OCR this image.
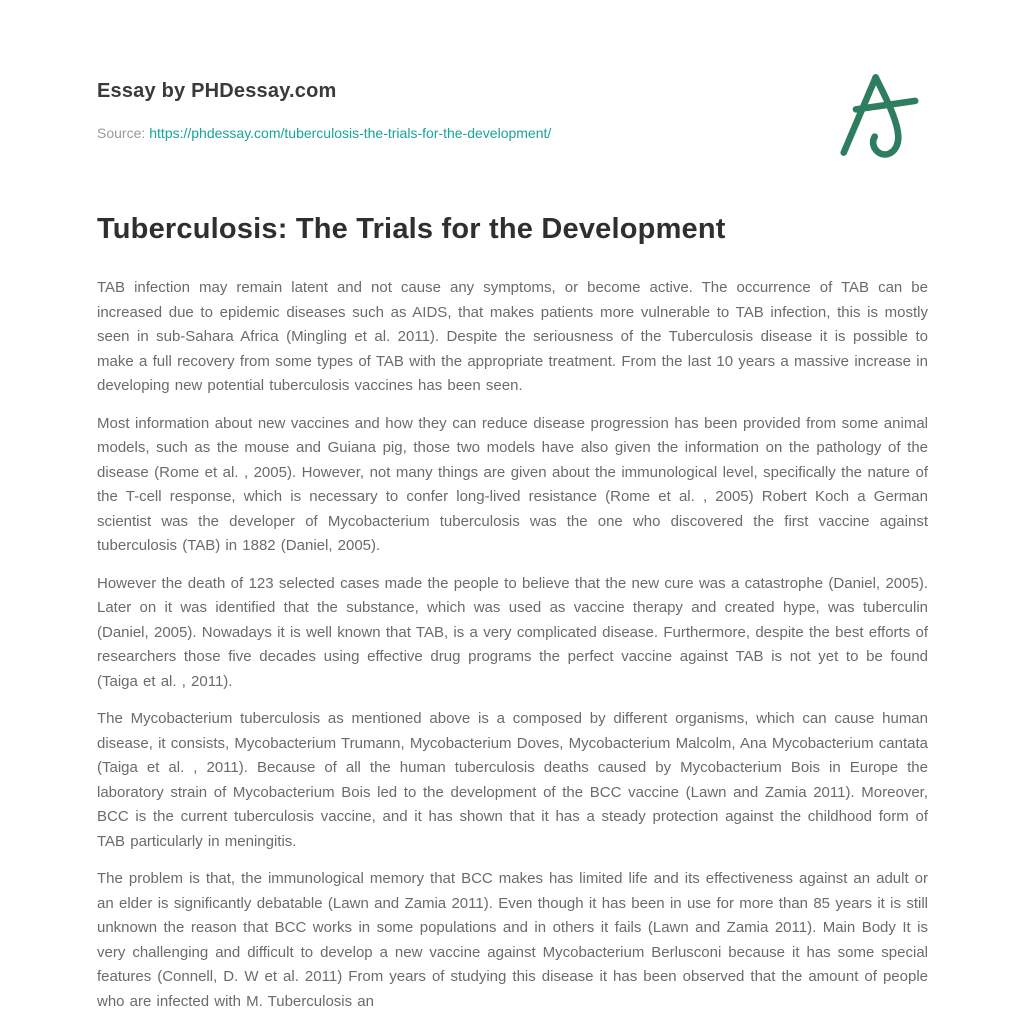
Essay by PHDessay.com
Source: https://phdessay.com/tuberculosis-the-trials-for-the-development/
Tuberculosis: The Trials for the Development

TAB infection may remain latent and not cause any symptoms, or become active. The occurrence of TAB can be increased due to epidemic diseases such as AIDS, that makes patients more vulnerable to TAB infection, this is mostly seen in sub-Sahara Africa (Mingling et al. 2011). Despite the seriousness of the Tuberculosis disease it is possible to make a full recovery from some types of TAB with the appropriate treatment. From the last 10 years a massive increase in developing new potential tuberculosis vaccines has been seen.

Most information about new vaccines and how they can reduce disease progression has been provided from some animal models, such as the mouse and Guiana pig, those two models have also given the information on the pathology of the disease (Rome et al. , 2005). However, not many things are given about the immunological level, specifically the nature of the T-cell response, which is necessary to confer long-lived resistance (Rome et al. , 2005) Robert Koch a German scientist was the developer of Mycobacterium tuberculosis was the one who discovered the first vaccine against tuberculosis (TAB) in 1882 (Daniel, 2005).

However the death of 123 selected cases made the people to believe that the new cure was a catastrophe (Daniel, 2005). Later on it was identified that the substance, which was used as vaccine therapy and created hype, was tuberculin (Daniel, 2005). Nowadays it is well known that TAB, is a very complicated disease. Furthermore, despite the best efforts of researchers those five decades using effective drug programs the perfect vaccine against TAB is not yet to be found (Taiga et al. , 2011).

The Mycobacterium tuberculosis as mentioned above is a composed by different organisms, which can cause human disease, it consists, Mycobacterium Trumann, Mycobacterium Doves, Mycobacterium Malcolm, Ana Mycobacterium cantata (Taiga et al. , 2011). Because of all the human tuberculosis deaths caused by Mycobacterium Bois in Europe the laboratory strain of Mycobacterium Bois led to the development of the BCC vaccine (Lawn and Zamia 2011). Moreover, BCC is the current tuberculosis vaccine, and it has shown that it has a steady protection against the childhood form of TAB particularly in meningitis.

The problem is that, the immunological memory that BCC makes has limited life and its effectiveness against an adult or an elder is significantly debatable (Lawn and Zamia 2011). Even though it has been in use for more than 85 years it is still unknown the reason that BCC works in some populations and in others it fails (Lawn and Zamia 2011). Main Body It is very challenging and difficult to develop a new vaccine against Mycobacterium Berlusconi because it has some special features (Connell, D. W et al. 2011) From years of studying this disease it has been observed that the amount of people who are infected with M. Tuberculosis an
